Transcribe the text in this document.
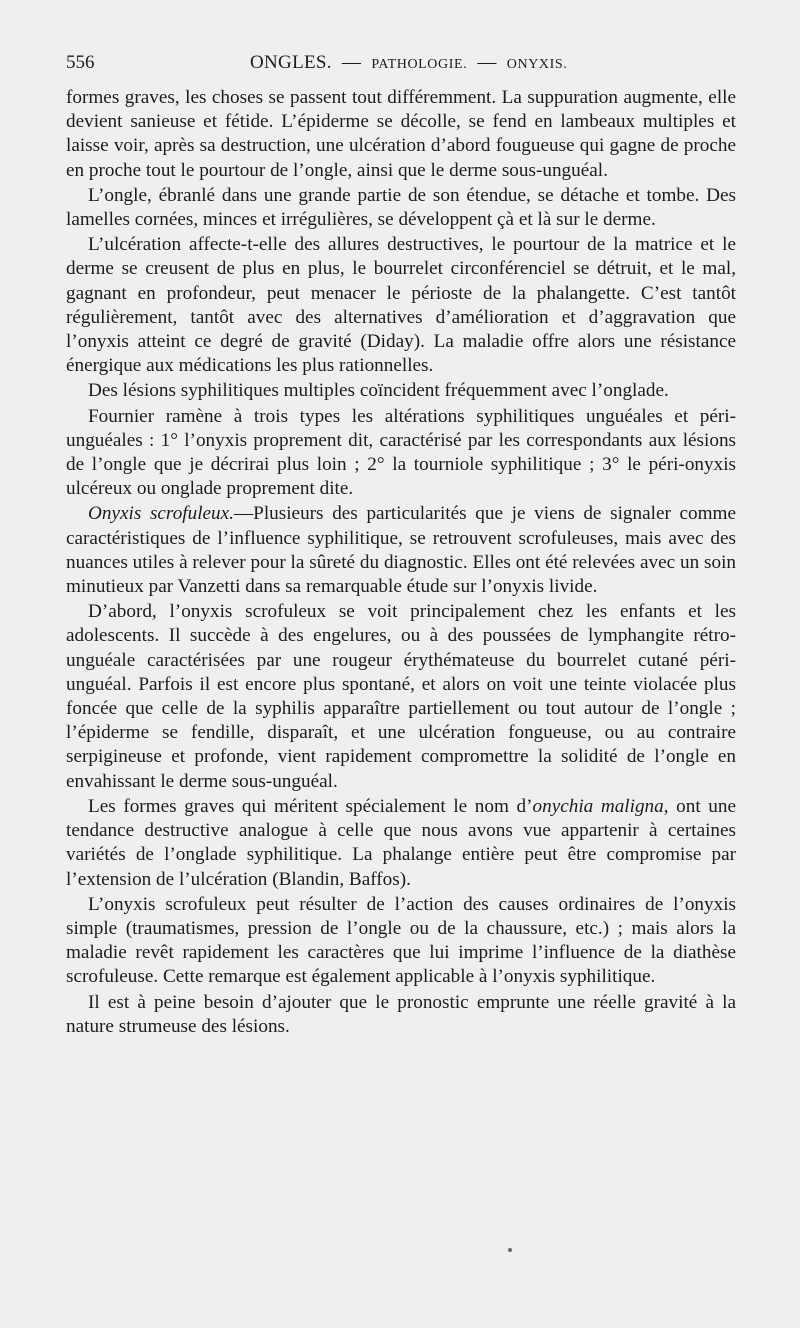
556	ONGLES. — PATHOLOGIE. — ONYXIS.

formes graves, les choses se passent tout différemment. La suppuration augmente, elle devient sanieuse et fétide. L’épiderme se décolle, se fend en lambeaux multiples et laisse voir, après sa destruction, une ulcération d’abord fougueuse qui gagne de proche en proche tout le pourtour de l’ongle, ainsi que le derme sous-unguéal.

L’ongle, ébranlé dans une grande partie de son étendue, se détache et tombe. Des lamelles cornées, minces et irrégulières, se développent çà et là sur le derme.

L’ulcération affecte-t-elle des allures destructives, le pourtour de la matrice et le derme se creusent de plus en plus, le bourrelet circonférenciel se détruit, et le mal, gagnant en profondeur, peut menacer le périoste de la phalangette. C’est tantôt régulièrement, tantôt avec des alternatives d’amélioration et d’aggravation que l’onyxis atteint ce degré de gravité (Diday). La maladie offre alors une résistance énergique aux médications les plus rationnelles.

Des lésions syphilitiques multiples coïncident fréquemment avec l’onglade.

Fournier ramène à trois types les altérations syphilitiques unguéales et péri-unguéales : 1° l’onyxis proprement dit, caractérisé par les correspondants aux lésions de l’ongle que je décrirai plus loin ; 2° la tourniole syphilitique ; 3° le péri-onyxis ulcéreux ou onglade proprement dite.

Onyxis scrofuleux.—Plusieurs des particularités que je viens de signaler comme caractéristiques de l’influence syphilitique, se retrouvent scrofuleuses, mais avec des nuances utiles à relever pour la sûreté du diagnostic. Elles ont été relevées avec un soin minutieux par Vanzetti dans sa remarquable étude sur l’onyxis livide.

D’abord, l’onyxis scrofuleux se voit principalement chez les enfants et les adolescents. Il succède à des engelures, ou à des poussées de lymphangite rétro-unguéale caractérisées par une rougeur érythémateuse du bourrelet cutané péri-unguéal. Parfois il est encore plus spontané, et alors on voit une teinte violacée plus foncée que celle de la syphilis apparaître partiellement ou tout autour de l’ongle ; l’épiderme se fendille, disparaît, et une ulcération fongueuse, ou au contraire serpigineuse et profonde, vient rapidement compromettre la solidité de l’ongle en envahissant le derme sous-unguéal.

Les formes graves qui méritent spécialement le nom d’onychia maligna, ont une tendance destructive analogue à celle que nous avons vue appartenir à certaines variétés de l’onglade syphilitique. La phalange entière peut être compromise par l’extension de l’ulcération (Blandin, Baffos).

L’onyxis scrofuleux peut résulter de l’action des causes ordinaires de l’onyxis simple (traumatismes, pression de l’ongle ou de la chaussure, etc.) ; mais alors la maladie revêt rapidement les caractères que lui imprime l’influence de la diathèse scrofuleuse. Cette remarque est également applicable à l’onyxis syphilitique.

Il est à peine besoin d’ajouter que le pronostic emprunte une réelle gravité à la nature strumeuse des lésions.
